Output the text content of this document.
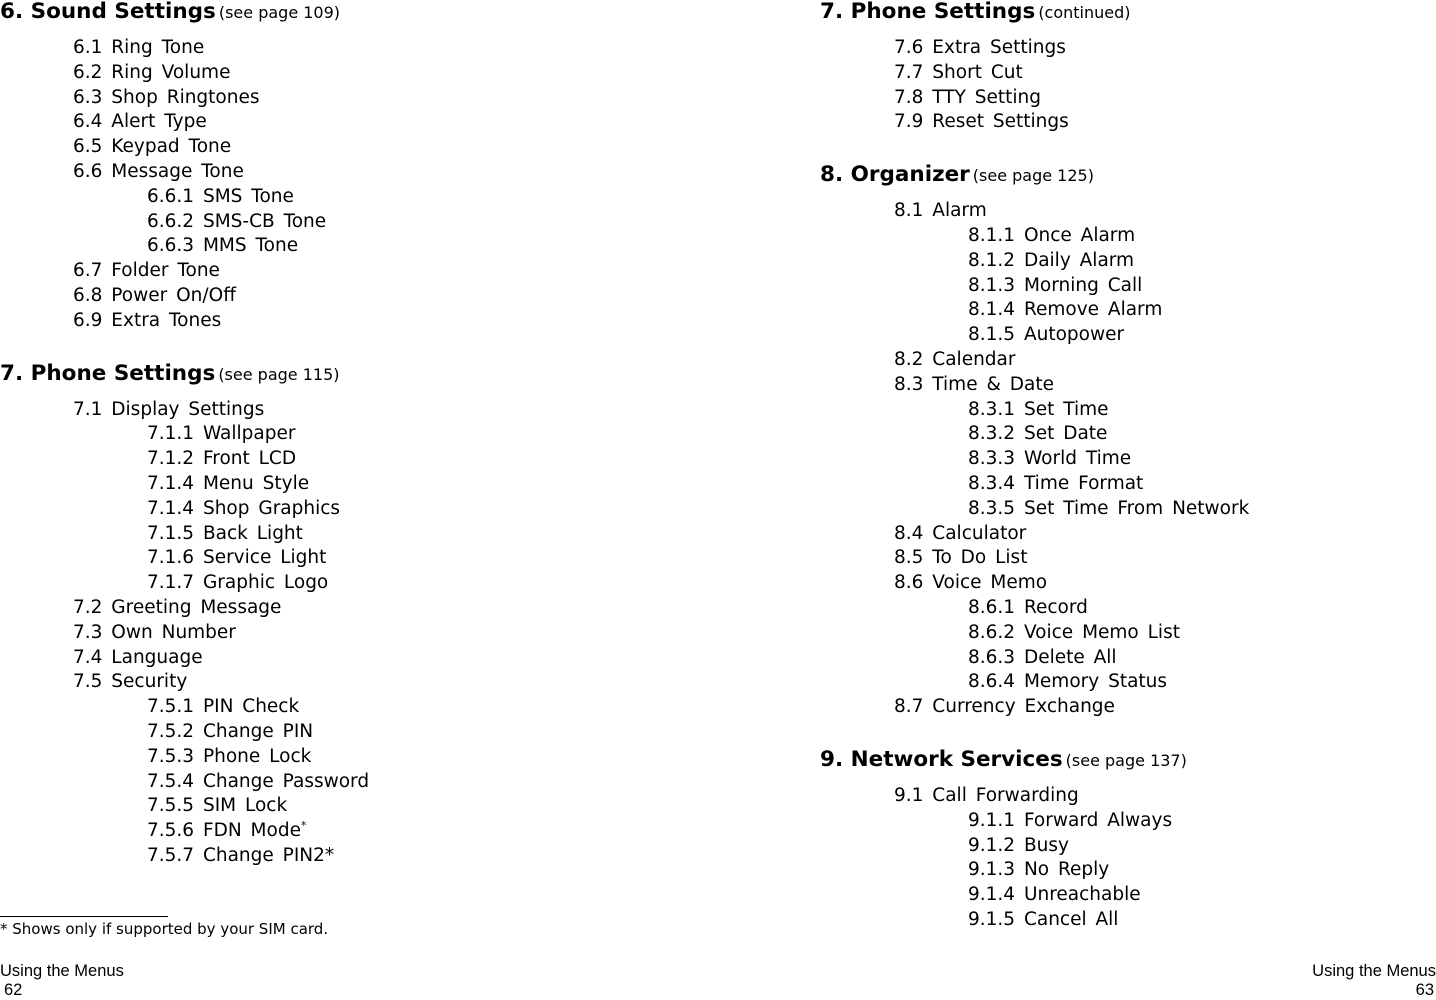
6. Sound Settings (see page 109)
6.1 Ring Tone
6.2 Ring Volume
6.3 Shop Ringtones
6.4 Alert Type
6.5 Keypad Tone
6.6 Message Tone
6.6.1 SMS Tone
6.6.2 SMS-CB Tone
6.6.3 MMS Tone
6.7 Folder Tone
6.8 Power On/Off
6.9 Extra Tones
7. Phone Settings (see page 115)
7.1 Display Settings
7.1.1 Wallpaper
7.1.2 Front LCD
7.1.4 Menu Style
7.1.4 Shop Graphics
7.1.5 Back Light
7.1.6 Service Light
7.1.7 Graphic Logo
7.2 Greeting Message
7.3 Own Number
7.4 Language
7.5 Security
7.5.1 PIN Check
7.5.2 Change PIN
7.5.3 Phone Lock
7.5.4 Change Password
7.5.5 SIM Lock
7.5.6 FDN Mode*
7.5.7 Change PIN2*
7. Phone Settings (continued)
7.6 Extra Settings
7.7 Short Cut
7.8 TTY Setting
7.9 Reset Settings
8. Organizer (see page 125)
8.1 Alarm
8.1.1 Once Alarm
8.1.2 Daily Alarm
8.1.3 Morning Call
8.1.4 Remove Alarm
8.1.5 Autopower
8.2 Calendar
8.3 Time & Date
8.3.1 Set Time
8.3.2 Set Date
8.3.3 World Time
8.3.4 Time Format
8.3.5 Set Time From Network
8.4 Calculator
8.5 To Do List
8.6 Voice Memo
8.6.1 Record
8.6.2 Voice Memo List
8.6.3 Delete All
8.6.4 Memory Status
8.7 Currency Exchange
9. Network Services (see page 137)
9.1 Call Forwarding
9.1.1 Forward Always
9.1.2 Busy
9.1.3 No Reply
9.1.4 Unreachable
9.1.5 Cancel All
* Shows only if supported by your SIM card.
Using the Menus
62
Using the Menus
63
